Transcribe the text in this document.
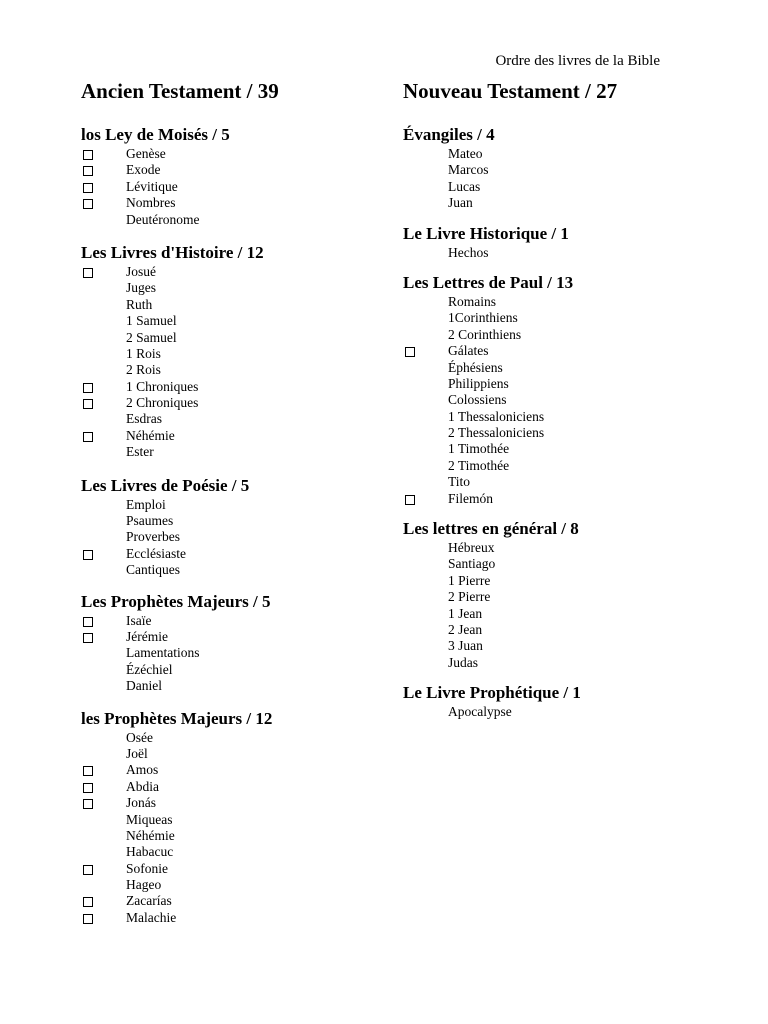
Ordre des livres de la Bible
Ancien Testament / 39
los Ley de Moisés / 5
Genèse
Exode
Lévitique
Nombres
Deutéronome
Les Livres d'Histoire / 12
Josué
Juges
Ruth
1 Samuel
2 Samuel
1 Rois
2 Rois
1 Chroniques
2 Chroniques
Esdras
Néhémie
Ester
Les Livres de Poésie / 5
Emploi
Psaumes
Proverbes
Ecclésiaste
Cantiques
Les Prophètes Majeurs / 5
Isaïe
Jérémie
Lamentations
Ézéchiel
Daniel
les Prophètes Majeurs / 12
Osée
Joël
Amos
Abdia
Jonás
Miqueas
Néhémie
Habacuc
Sofonie
Hageo
Zacarías
Malachie
Nouveau Testament / 27
Évangiles / 4
Mateo
Marcos
Lucas
Juan
Le Livre Historique / 1
Hechos
Les Lettres de Paul / 13
Romains
1Corinthiens
2 Corinthiens
Gálates
Éphésiens
Philippiens
Colossiens
1 Thessaloniciens
2 Thessaloniciens
1 Timothée
2 Timothée
Tito
Filemón
Les lettres en général / 8
Hébreux
Santiago
1 Pierre
2 Pierre
1 Jean
2 Jean
3 Juan
Judas
Le Livre Prophétique / 1
Apocalypse
